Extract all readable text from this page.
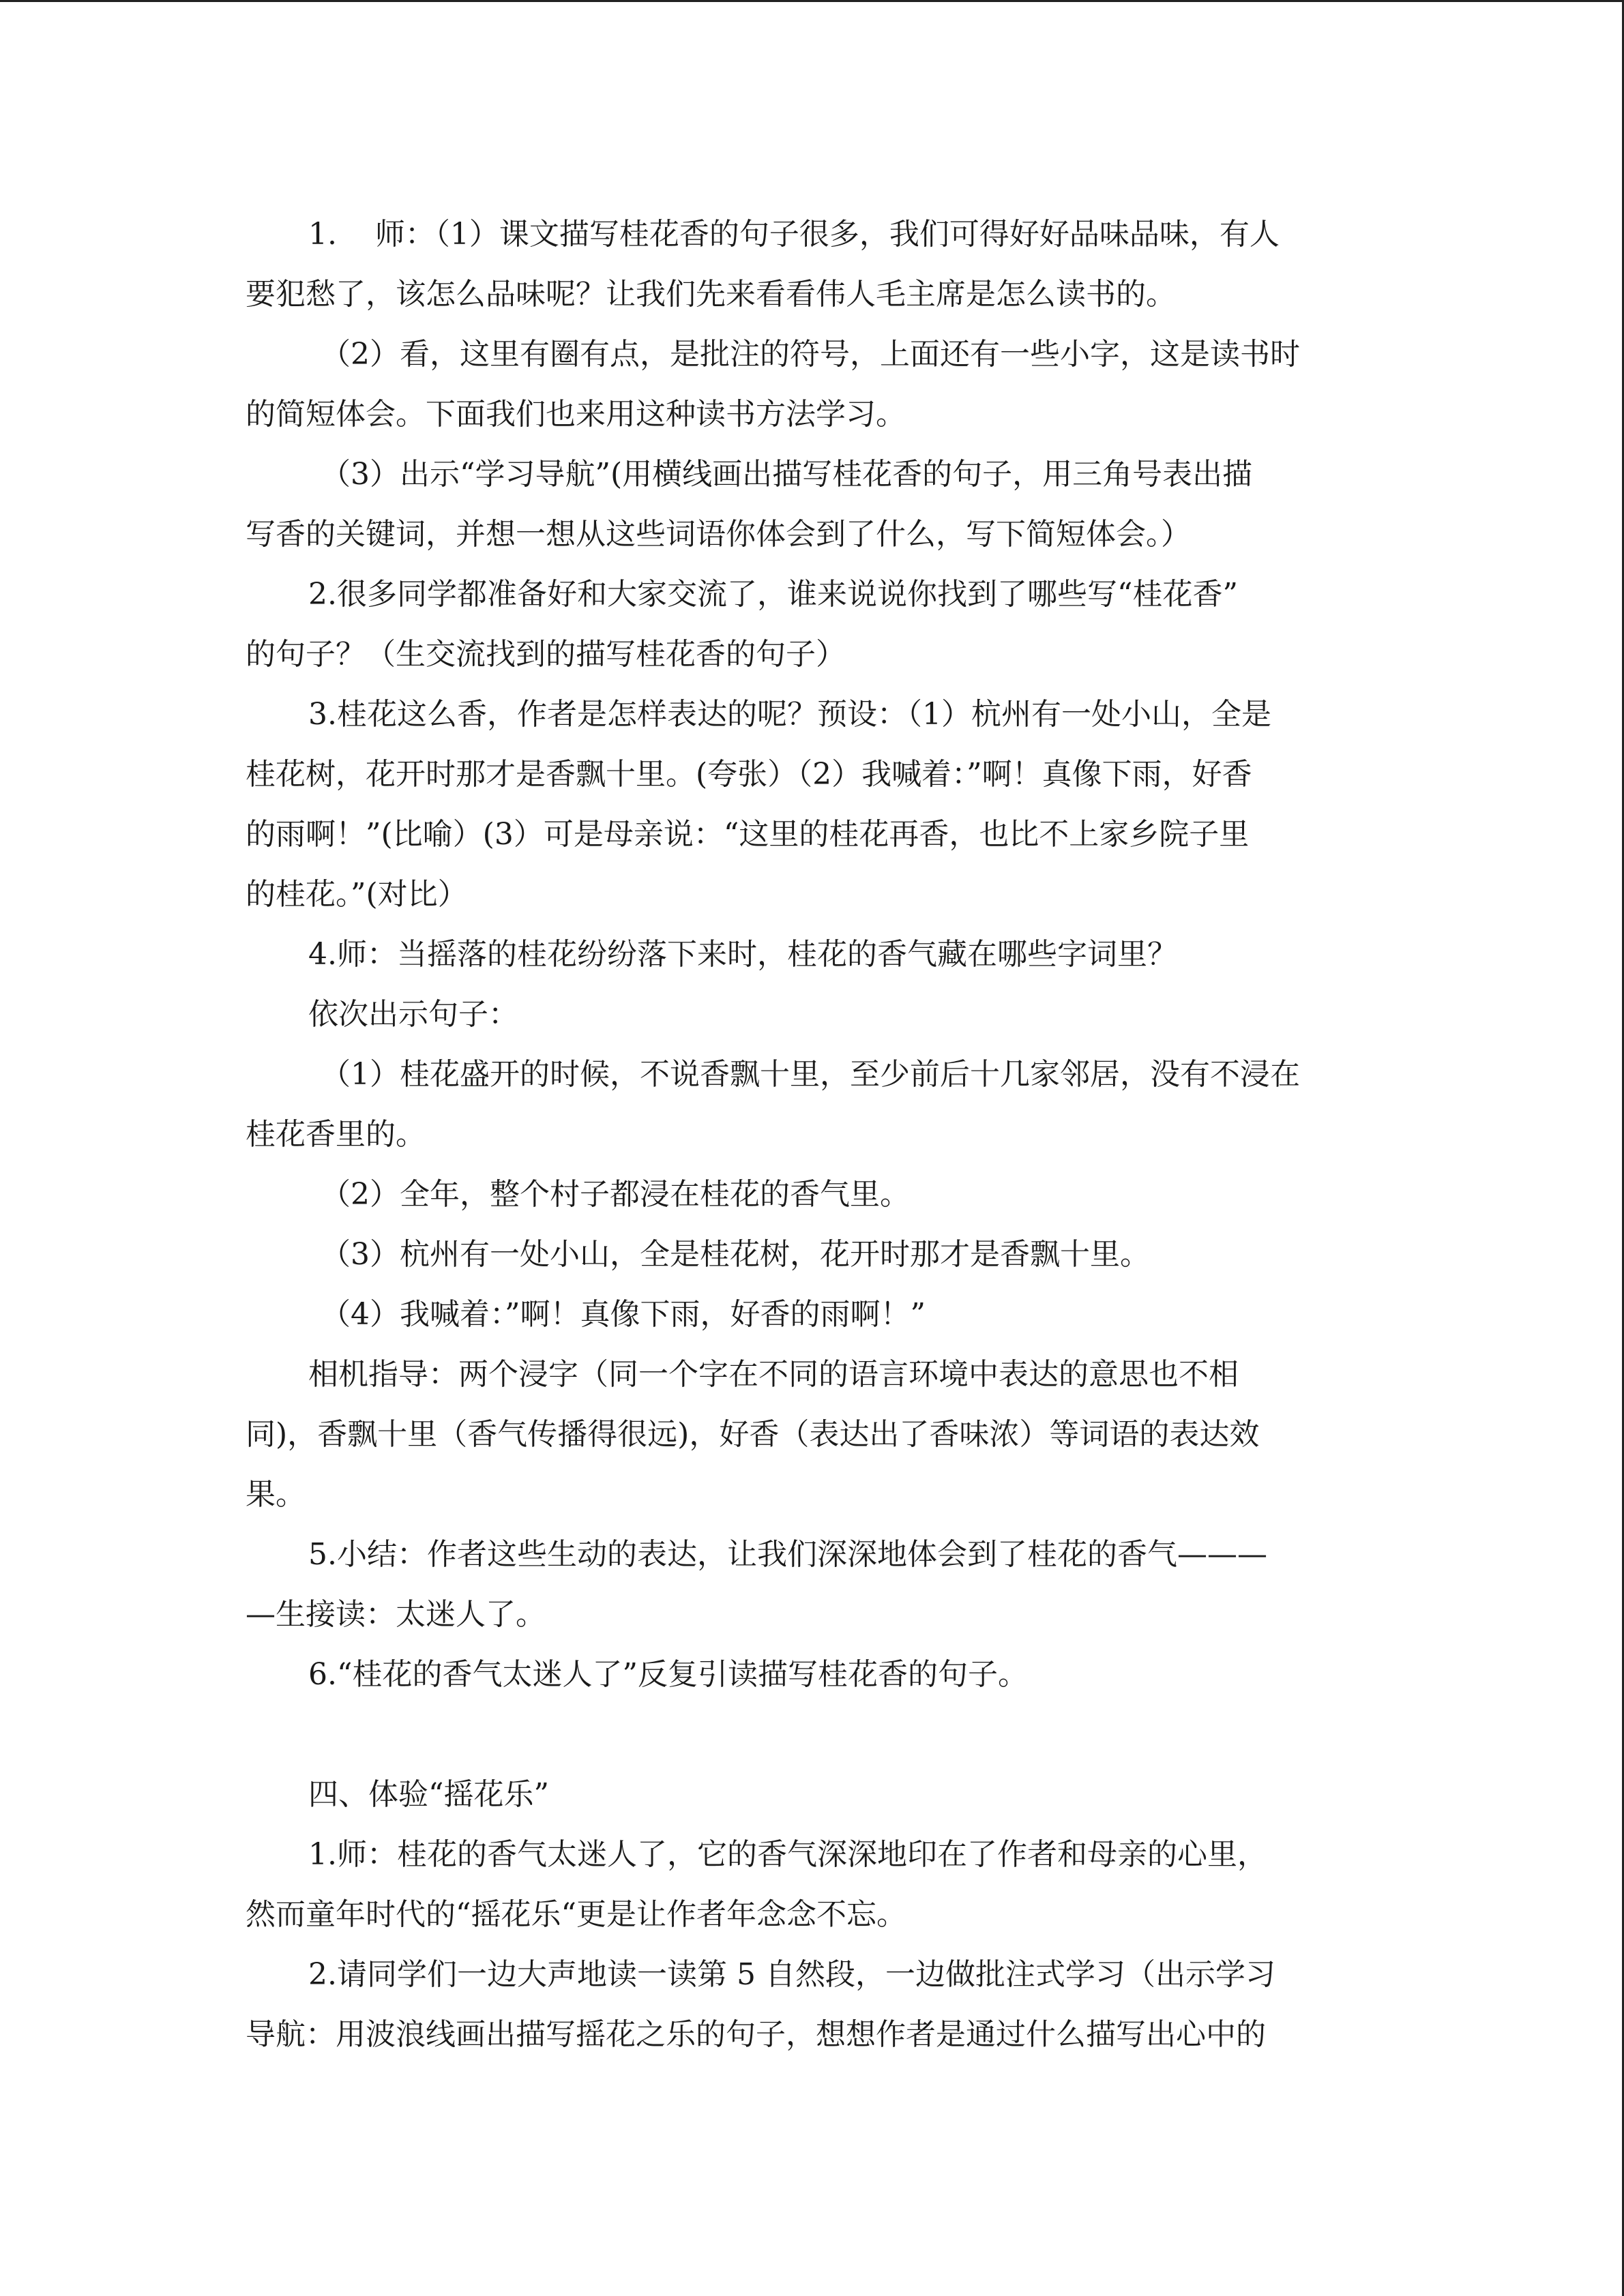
1.    师：（1）课文描写桂花香的句子很多，我们可得好好品味品味，有人
要犯愁了，该怎么品味呢？让我们先来看看伟人毛主席是怎么读书的。
（2）看，这里有圈有点，是批注的符号，上面还有一些小字，这是读书时
的简短体会。下面我们也来用这种读书方法学习。
（3）出示“学习导航”(用横线画出描写桂花香的句子，用三角号表出描
写香的关键词，并想一想从这些词语你体会到了什么，写下简短体会。）
2.很多同学都准备好和大家交流了，谁来说说你找到了哪些写“桂花香”
的句子？（生交流找到的描写桂花香的句子）
3.桂花这么香，作者是怎样表达的呢？预设：（1）杭州有一处小山，全是
桂花树，花开时那才是香飘十里。(夸张）（2）我喊着：”啊！真像下雨，好香
的雨啊！”(比喻）(3）可是母亲说：“这里的桂花再香，也比不上家乡院子里
的桂花。”(对比）
4.师：当摇落的桂花纷纷落下来时，桂花的香气藏在哪些字词里？
依次出示句子：
（1）桂花盛开的时候，不说香飘十里，至少前后十几家邻居，没有不浸在
桂花香里的。
（2）全年，整个村子都浸在桂花的香气里。
（3）杭州有一处小山，全是桂花树，花开时那才是香飘十里。
（4）我喊着：”啊！真像下雨，好香的雨啊！”
相机指导：两个浸字（同一个字在不同的语言环境中表达的意思也不相
同)，香飘十里（香气传播得很远)，好香（表达出了香味浓）等词语的表达效
果。
5.小结：作者这些生动的表达，让我们深深地体会到了桂花的香气———
—生接读：太迷人了。
6.“桂花的香气太迷人了”反复引读描写桂花香的句子。
四、体验“摇花乐”
1.师：桂花的香气太迷人了，它的香气深深地印在了作者和母亲的心里，
然而童年时代的“摇花乐“更是让作者年念念不忘。
2.请同学们一边大声地读一读第 5 自然段，一边做批注式学习（出示学习
导航：用波浪线画出描写摇花之乐的句子，想想作者是通过什么描写出心中的
